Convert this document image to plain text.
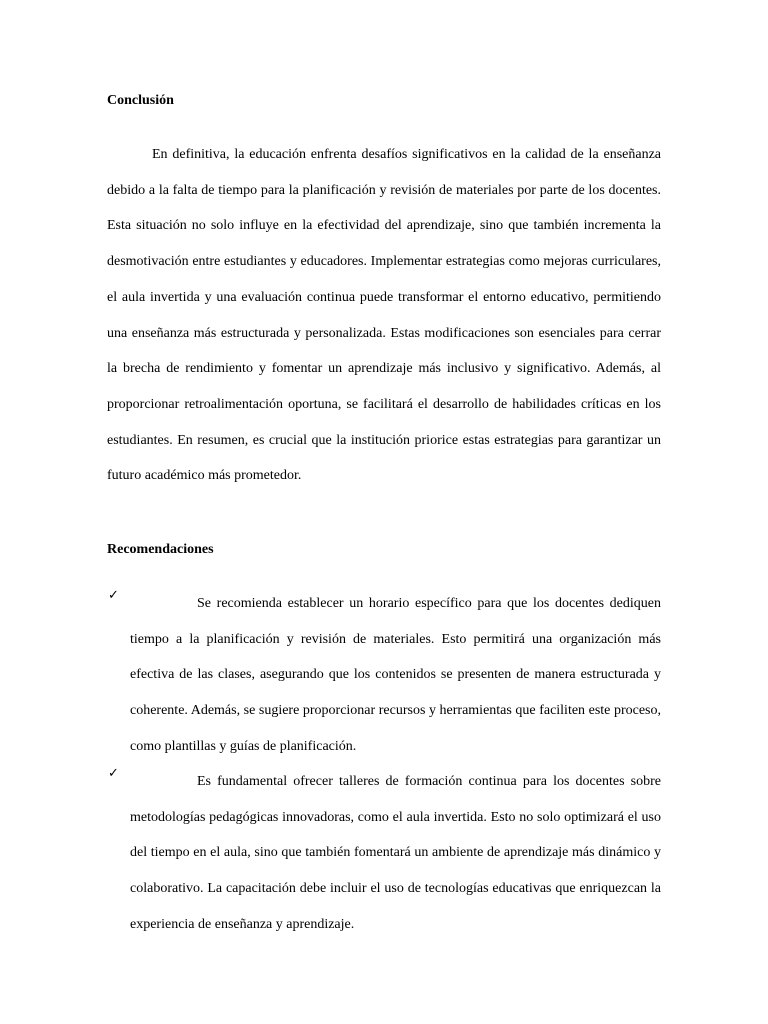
Conclusión

En definitiva, la educación enfrenta desafíos significativos en la calidad de la enseñanza debido a la falta de tiempo para la planificación y revisión de materiales por parte de los docentes. Esta situación no solo influye en la efectividad del aprendizaje, sino que también incrementa la desmotivación entre estudiantes y educadores. Implementar estrategias como mejoras curriculares, el aula invertida y una evaluación continua puede transformar el entorno educativo, permitiendo una enseñanza más estructurada y personalizada. Estas modificaciones son esenciales para cerrar la brecha de rendimiento y fomentar un aprendizaje más inclusivo y significativo. Además, al proporcionar retroalimentación oportuna, se facilitará el desarrollo de habilidades críticas en los estudiantes. En resumen, es crucial que la institución priorice estas estrategias para garantizar un futuro académico más prometedor.

Recomendaciones
✓
Se recomienda establecer un horario específico para que los docentes dediquen tiempo a la planificación y revisión de materiales. Esto permitirá una organización más efectiva de las clases, asegurando que los contenidos se presenten de manera estructurada y coherente. Además, se sugiere proporcionar recursos y herramientas que faciliten este proceso, como plantillas y guías de planificación.
✓
Es fundamental ofrecer talleres de formación continua para los docentes sobre metodologías pedagógicas innovadoras, como el aula invertida. Esto no solo optimizará el uso del tiempo en el aula, sino que también fomentará un ambiente de aprendizaje más dinámico y colaborativo. La capacitación debe incluir el uso de tecnologías educativas que enriquezcan la experiencia de enseñanza y aprendizaje.
